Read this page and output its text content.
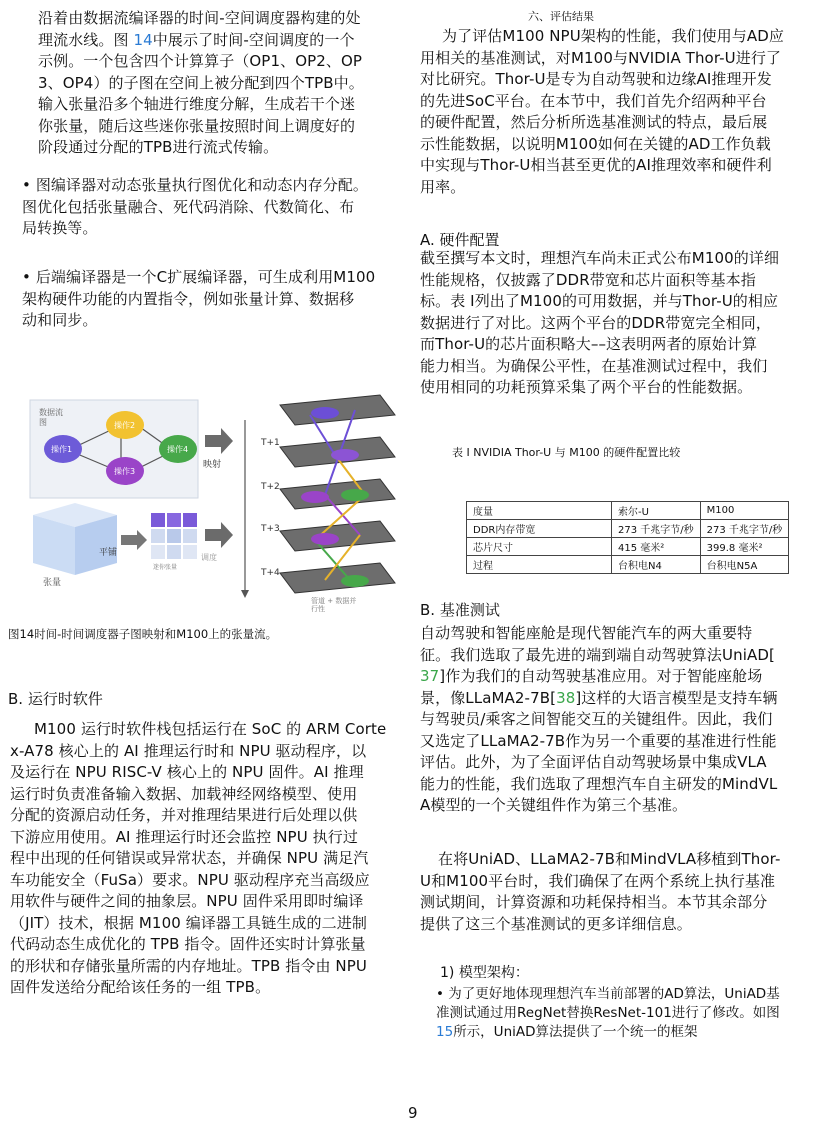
沿着由数据流编译器的时间-空间调度器构建的处
理流水线。图 14中展示了时间-空间调度的一个
示例。一个包含四个计算算子（OP1、OP2、OP
3、OP4）的子图在空间上被分配到四个TPB中。
输入张量沿多个轴进行维度分解，生成若干个迷
你张量，随后这些迷你张量按照时间上调度好的
阶段通过分配的TPB进行流式传输。
• 图编译器对动态张量执行图优化和动态内存分配。
图优化包括张量融合、死代码消除、代数简化、布
局转换等。
• 后端编译器是一个C扩展编译器，可生成利用M100
架构硬件功能的内置指令，例如张量计算、数据移
动和同步。
数据流
图
操作1
操作2
操作3
操作4
张量
平铺
迷你张量
映射
调度
T+1
T+2
T+3
T+4
管道 + 数据并
行性
图14时间-时间调度器子图映射和M100上的张量流。
B. 运行时软件
M100 运行时软件栈包括运行在 SoC 的 ARM Corte
x-A78 核心上的 AI 推理运行时和 NPU 驱动程序，以
及运行在 NPU RISC-V 核心上的 NPU 固件。AI 推理
运行时负责准备输入数据、加载神经网络模型、使用
分配的资源启动任务，并对推理结果进行后处理以供
下游应用使用。AI 推理运行时还会监控 NPU 执行过
程中出现的任何错误或异常状态，并确保 NPU 满足汽
车功能安全（FuSa）要求。NPU 驱动程序充当高级应
用软件与硬件之间的抽象层。NPU 固件采用即时编译
（JIT）技术，根据 M100 编译器工具链生成的二进制
代码动态生成优化的 TPB 指令。固件还实时计算张量
的形状和存储张量所需的内存地址。TPB 指令由 NPU
固件发送给分配给该任务的一组 TPB。
六、评估结果
为了评估M100 NPU架构的性能，我们使用与AD应
用相关的基准测试，对M100与NVIDIA Thor-U进行了
对比研究。Thor-U是专为自动驾驶和边缘AI推理开发
的先进SoC平台。在本节中，我们首先介绍两种平台
的硬件配置，然后分析所选基准测试的特点，最后展
示性能数据，以说明M100如何在关键的AD工作负载
中实现与Thor-U相当甚至更优的AI推理效率和硬件利
用率。
A. 硬件配置
截至撰写本文时，理想汽车尚未正式公布M100的详细
性能规格，仅披露了DDR带宽和芯片面积等基本指
标。表 I列出了M100的可用数据，并与Thor-U的相应
数据进行了对比。这两个平台的DDR带宽完全相同，
而Thor-U的芯片面积略大––这表明两者的原始计算
能力相当。为确保公平性，在基准测试过程中，我们
使用相同的功耗预算采集了两个平台的性能数据。
表 I NVIDIA Thor-U 与 M100 的硬件配置比较
度量	索尔-U	M100
DDR内存带宽	273 千兆字节/秒	273 千兆字节/秒
芯片尺寸	415 毫米²	399.8 毫米²
过程	台积电N4	台积电N5A
B. 基准测试
自动驾驶和智能座舱是现代智能汽车的两大重要特
征。我们选取了最先进的端到端自动驾驶算法UniAD[
37]作为我们的自动驾驶基准应用。对于智能座舱场
景，像LLaMA2-7B[38]这样的大语言模型是支持车辆
与驾驶员/乘客之间智能交互的关键组件。因此，我们
又选定了LLaMA2-7B作为另一个重要的基准进行性能
评估。此外，为了全面评估自动驾驶场景中集成VLA
能力的性能，我们选取了理想汽车自主研发的MindVL
A模型的一个关键组件作为第三个基准。
在将UniAD、LLaMA2-7B和MindVLA移植到Thor-
U和M100平台时，我们确保了在两个系统上执行基准
测试期间，计算资源和功耗保持相当。本节其余部分
提供了这三个基准测试的更多详细信息。
1) 模型架构：
• 为了更好地体现理想汽车当前部署的AD算法，UniAD基
准测试通过用RegNet替换ResNet-101进行了修改。如图
15所示，UniAD算法提供了一个统一的框架
9
